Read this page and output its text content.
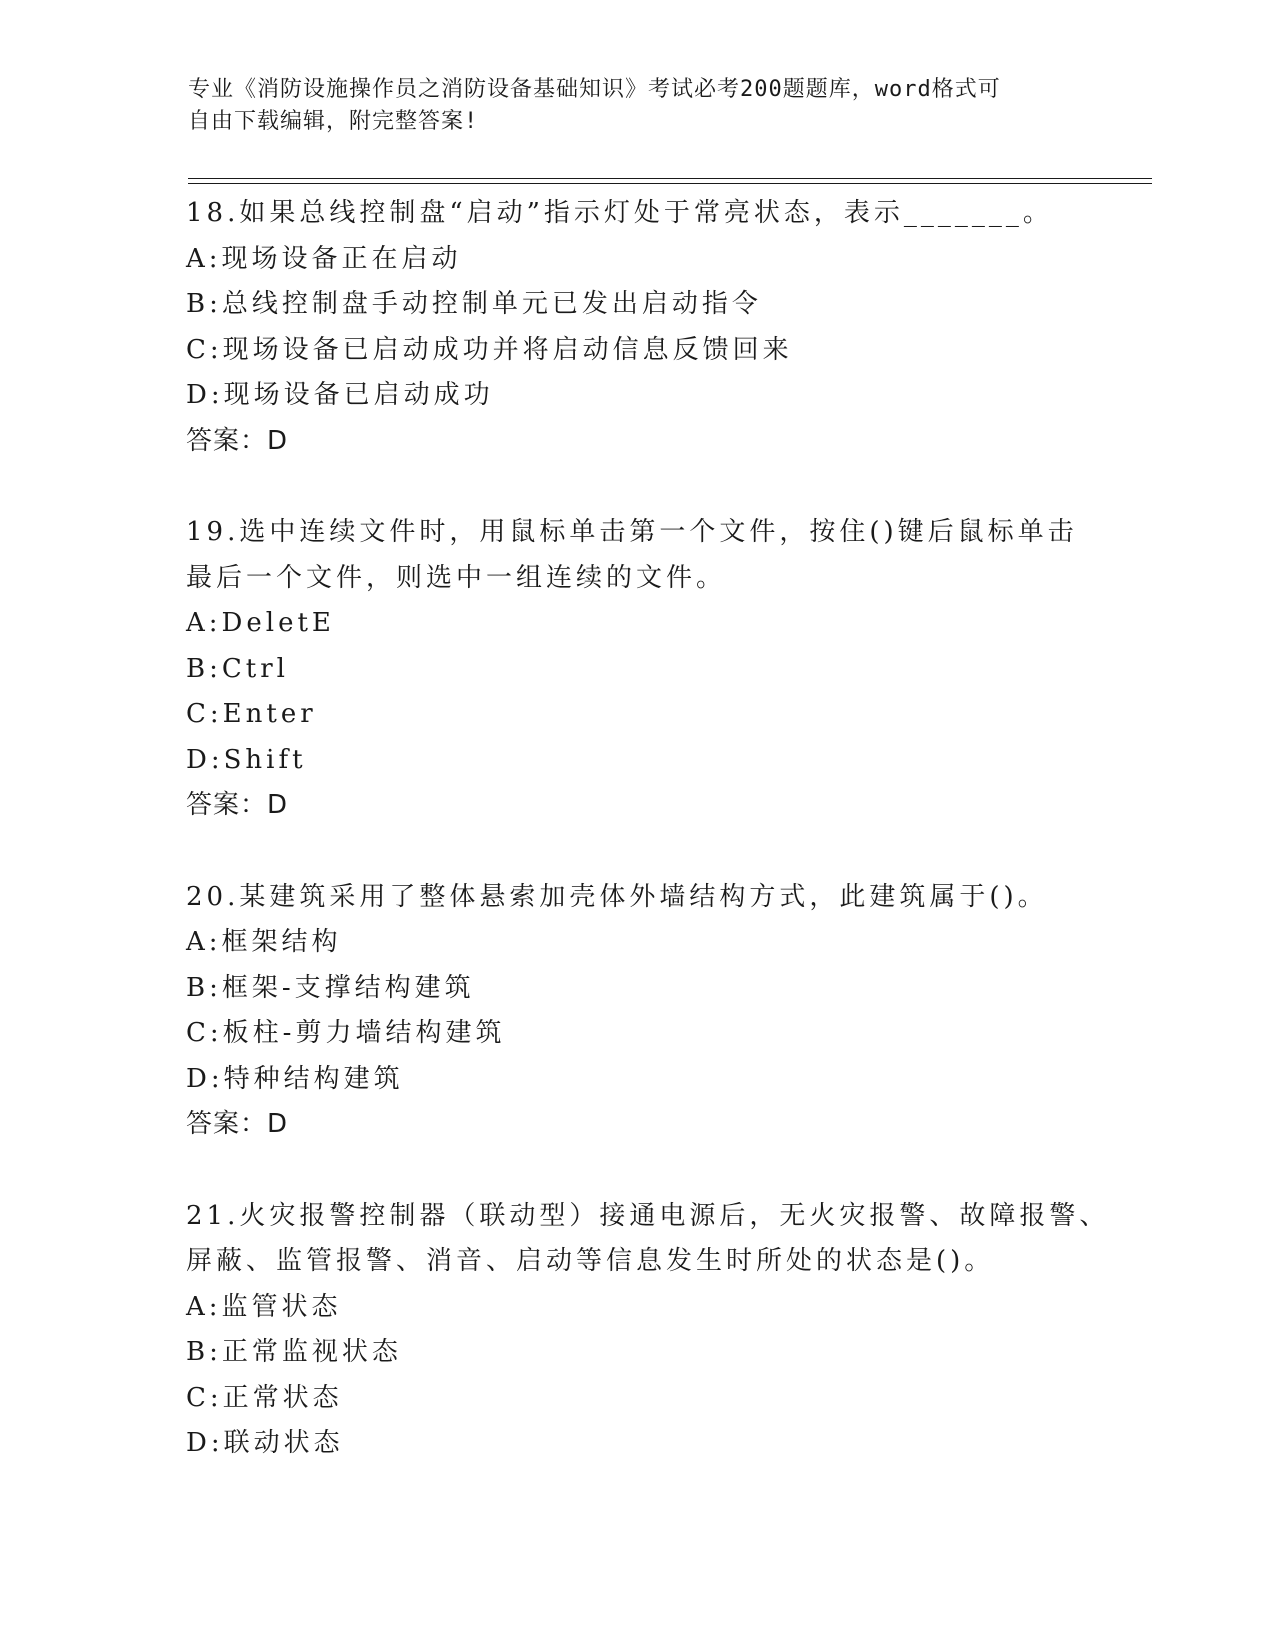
专业《消防设施操作员之消防设备基础知识》考试必考200题题库，word格式可
自由下载编辑，附完整答案!
18.如果总线控制盘“启动”指示灯处于常亮状态，表示_______。
A:现场设备正在启动
B:总线控制盘手动控制单元已发出启动指令
C:现场设备已启动成功并将启动信息反馈回来
D:现场设备已启动成功
答案：D
19.选中连续文件时，用鼠标单击第一个文件，按住()键后鼠标单击
最后一个文件，则选中一组连续的文件。
A:DeletE
B:Ctrl
C:Enter
D:Shift
答案：D
20.某建筑采用了整体悬索加壳体外墙结构方式，此建筑属于()。
A:框架结构
B:框架-支撑结构建筑
C:板柱-剪力墙结构建筑
D:特种结构建筑
答案：D
21.火灾报警控制器（联动型）接通电源后，无火灾报警、故障报警、
屏蔽、监管报警、消音、启动等信息发生时所处的状态是()。
A:监管状态
B:正常监视状态
C:正常状态
D:联动状态
